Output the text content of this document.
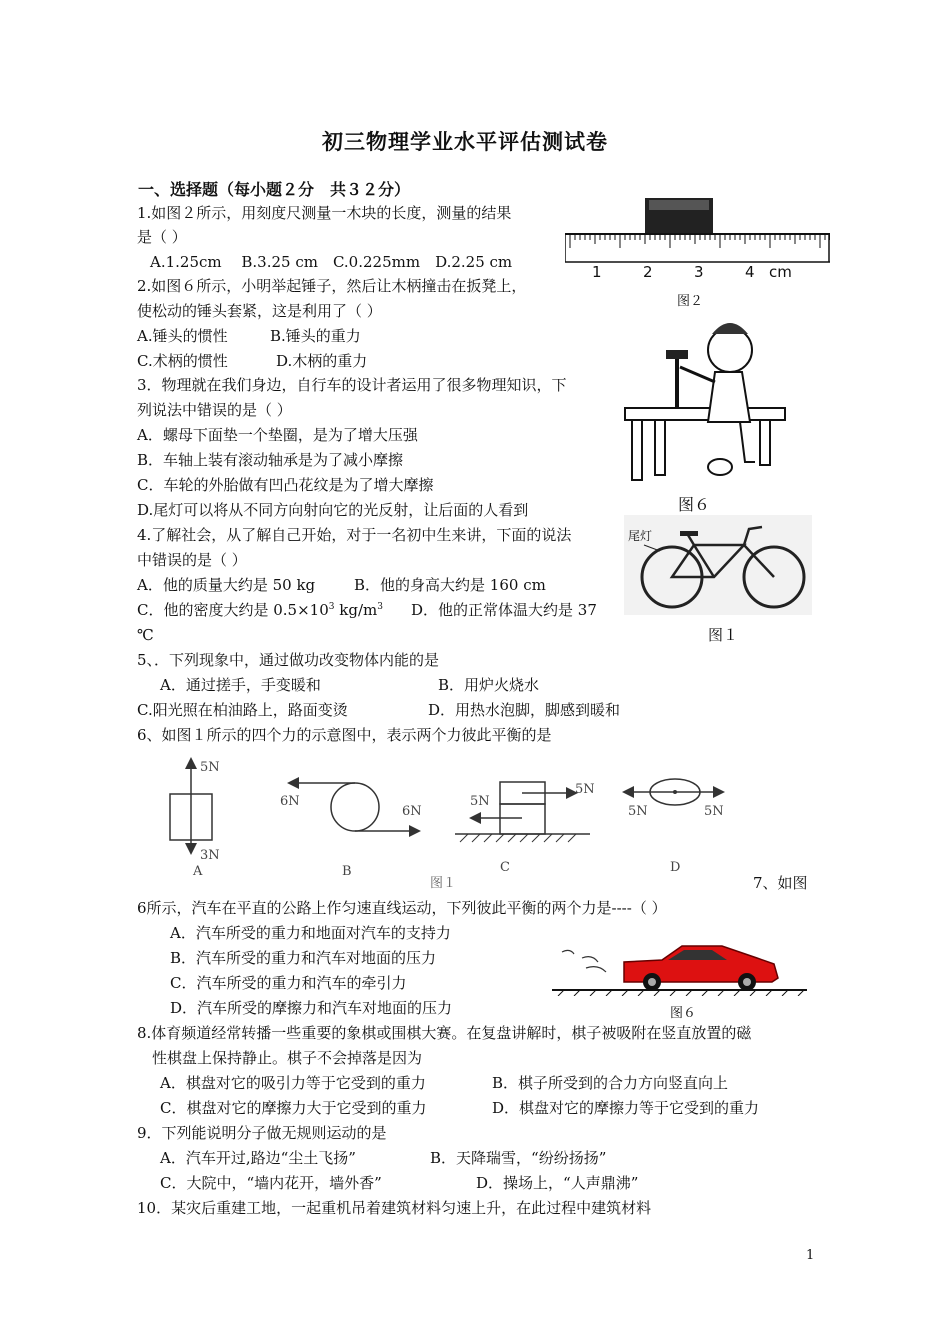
初三物理学业水平评估测试卷
一、选择题（每小题２分　共３２分）
1.如图２所示，用刻度尺测量一木块的长度，测量的结果
是（ ）
A.1.25cm　 B.3.25 cm　C.0.225mm　D.2.25 cm
1	2	3	4 cm
图２
2.如图６所示，小明举起锤子，然后让木柄撞击在扳凳上，
使松动的锤头套紧，这是利用了（ ）
A.锤头的惯性	B.锤头的重力
C.术柄的惯性	D.木柄的重力
图６
3．物理就在我们身边，自行车的设计者运用了很多物理知识，下
列说法中错误的是（ ）
A．螺母下面垫一个垫圈，是为了增大压强
B．车轴上装有滚动轴承是为了减小摩擦
C．车轮的外胎做有凹凸花纹是为了增大摩擦
D.尾灯可以将从不同方向射向它的光反射，让后面的人看到
尾灯
图１
4.了解社会，从了解自己开始，对于一名初中生来讲，下面的说法
中错误的是（ ）
A．他的质量大约是 50 kg	B．他的身高大约是 160 cm
C．他的密度大约是 $0.5\times 10^3$ $kg/m^3$ D．他的正常体温大约是 37
℃
5、．下列现象中，通过做功改变物体内能的是
A．通过搓手，手变暖和	B．用炉火烧水
C.阳光照在柏油路上，路面变烫	D．用热水泡脚，脚感到暖和
6、如图１所示的四个力的示意图中，表示两个力彼此平衡的是
5N
3N
A
6N
6N
B
5N
5N
C
5N	5N
D
图１	7、如图
6所示，汽车在平直的公路上作匀速直线运动，下列彼此平衡的两个力是----（ ）
A．汽车所受的重力和地面对汽车的支持力
B．汽车所受的重力和汽车对地面的压力
C．汽车所受的重力和汽车的牵引力
D．汽车所受的摩擦力和汽车对地面的压力	图６
8.体育频道经常转播一些重要的象棋或围棋大赛。在复盘讲解时，棋子被吸附在竖直放置的磁
性棋盘上保持静止。棋子不会掉落是因为
A．棋盘对它的吸引力等于它受到的重力	B．棋子所受到的合力方向竖直向上
C．棋盘对它的摩擦力大于它受到的重力	D．棋盘对它的摩擦力等于它受到的重力
9．下列能说明分子做无规则运动的是
A．汽车开过,路边“尘土飞扬”	B．天降瑞雪，“纷纷扬扬”
C．大院中，“墙内花开，墙外香”	D．操场上，“人声鼎沸”
10．某灾后重建工地，一起重机吊着建筑材料匀速上升，在此过程中建筑材料
1
